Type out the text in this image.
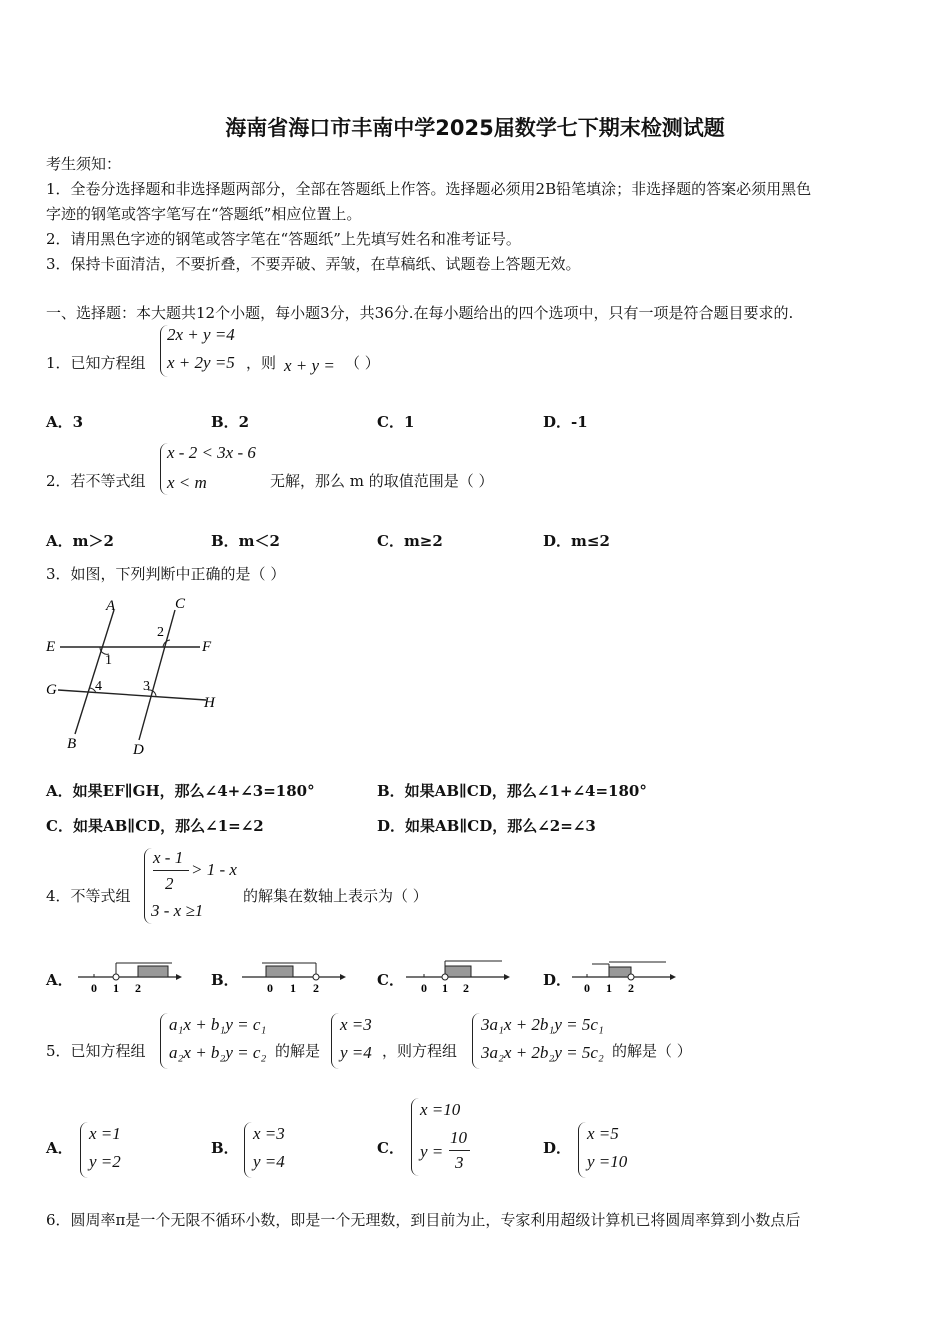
海南省海口市丰南中学2025届数学七下期末检测试题
考生须知：
1．全卷分选择题和非选择题两部分，全部在答题纸上作答。选择题必须用2B铅笔填涂；非选择题的答案必须用黑色
字迹的钢笔或答字笔写在“答题纸”相应位置上。
2．请用黑色字迹的钢笔或答字笔在“答题纸”上先填写姓名和准考证号。
3．保持卡面清洁，不要折叠，不要弄破、弄皱，在草稿纸、试题卷上答题无效。
一、选择题：本大题共12个小题，每小题3分，共36分.在每小题给出的四个选项中，只有一项是符合题目要求的.
1．已知方程组
2x + y =4
x + 2y =5 ，则 x + y = （ ）
A．3	B．2	C．1	D．-1
2．若不等式组
x - 2 < 3x - 6
x < m	无解，那么 m 的取值范围是（ ）
A．m＞2	B．m＜2	C．m≥2	D．m≤2
3．如图，下列判断中正确的是（ ）
A	C
E	F
G
H
B	D
1
2
3
4
A．如果EF∥GH，那么∠4+∠3=180°	B．如果AB∥CD，那么∠1+∠4=180°
C．如果AB∥CD，那么∠1=∠2	D．如果AB∥CD，那么∠2=∠3
4．不等式组
x - 1
2
> 1 - x
3 - x ≥1
的解集在数轴上表示为（ ）
A． 0 1 2	B． 0 1 2	C． 0 1 2	D． 0 1 2
5．已知方程组
a₁x + b₁y = c₁
a₂x + b₂y = c₂ 的解是
x =3
y =4 ，则方程组
3a₁x + 2b₁y = 5c₁
3a₂x + 2b₂y = 5c₂ 的解是（ ）
A．
x =1
y =2
B．
x =3
y =4
C．
x =10
y =
10
3
D．
x =5
y =10
6．圆周率π是一个无限不循环小数，即是一个无理数，到目前为止，专家利用超级计算机已将圆周率算到小数点后
